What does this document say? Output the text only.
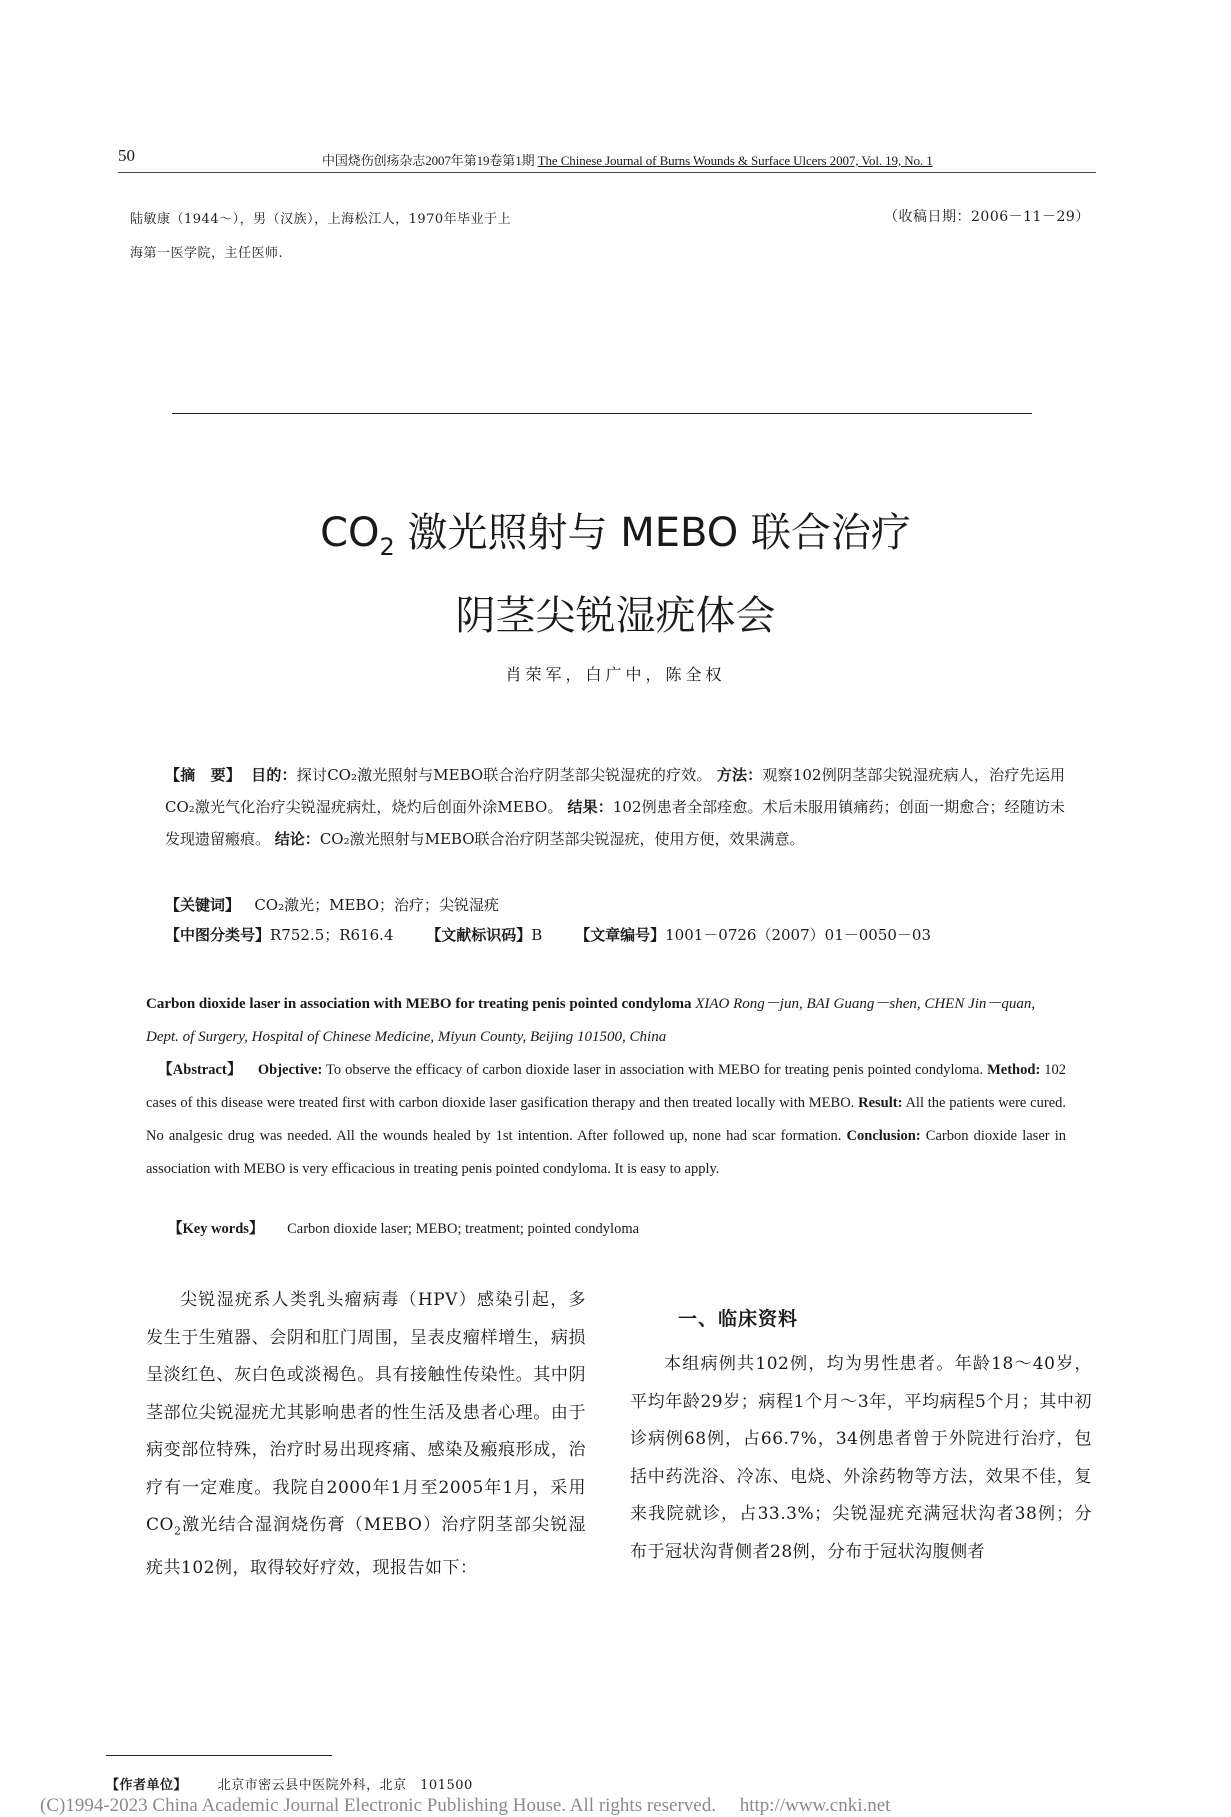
50	中国烧伤创疡杂志2007年第19卷第1期 The Chinese Journal of Burns Wounds & Surface Ulcers 2007, Vol. 19, No. 1
陆敏康（1944～），男（汉族），上海松江人，1970年毕业于上
海第一医学院，主任医师.
（收稿日期：2006－11－29）
$CO_2$ 激光照射与 MEBO 联合治疗
阴茎尖锐湿疣体会
肖荣军，白广中，陈全权
【摘　要】 目的：探讨CO₂激光照射与MEBO联合治疗阴茎部尖锐湿疣的疗效。 方法：观察102例阴茎部尖锐湿疣病人，治疗先运用CO₂激光气化治疗尖锐湿疣病灶，烧灼后创面外涂MEBO。 结果：102例患者全部痊愈。术后未服用镇痛药；创面一期愈合；经随访未发现遗留瘢痕。 结论：CO₂激光照射与MEBO联合治疗阴茎部尖锐湿疣，使用方便，效果满意。
【关键词】 CO₂激光；MEBO；治疗；尖锐湿疣
【中图分类号】R752.5；R616.4 【文献标识码】B 【文章编号】1001－0726（2007）01－0050－03
Carbon dioxide laser in association with MEBO for treating penis pointed condyloma XIAO Rong－jun, BAI Guang－shen, CHEN Jin－quan, Dept. of Surgery, Hospital of Chinese Medicine, Miyun County, Beijing 101500, China
【Abstract】 Objective: To observe the efficacy of carbon dioxide laser in association with MEBO for treating penis pointed condyloma. Method: 102 cases of this disease were treated first with carbon dioxide laser gasification therapy and then treated locally with MEBO. Result: All the patients were cured. No analgesic drug was needed. All the wounds healed by 1st intention. After followed up, none had scar formation. Conclusion: Carbon dioxide laser in association with MEBO is very efficacious in treating penis pointed condyloma. It is easy to apply.
【Key words】 Carbon dioxide laser; MEBO; treatment; pointed condyloma

尖锐湿疣系人类乳头瘤病毒（HPV）感染引起，多发生于生殖器、会阴和肛门周围，呈表皮瘤样增生，病损呈淡红色、灰白色或淡褐色。具有接触性传染性。其中阴茎部位尖锐湿疣尤其影响患者的性生活及患者心理。由于病变部位特殊，治疗时易出现疼痛、感染及瘢痕形成，治疗有一定难度。我院自2000年1月至2005年1月，采用$CO_2$激光结合湿润烧伤膏（MEBO）治疗阴茎部尖锐湿疣共102例，取得较好疗效，现报告如下：

一、临床资料

本组病例共102例，均为男性患者。年龄18～40岁，平均年龄29岁；病程1个月～3年，平均病程5个月；其中初诊病例68例，占66.7%，34例患者曾于外院进行治疗，包括中药洗浴、冷冻、电烧、外涂药物等方法，效果不佳，复来我院就诊，占33.3%；尖锐湿疣充满冠状沟者38例；分布于冠状沟背侧者28例，分布于冠状沟腹侧者

【作者单位】 北京市密云县中医院外科，北京　101500
(C)1994-2023 China Academic Journal Electronic Publishing House. All rights reserved.　 http://www.cnki.net
